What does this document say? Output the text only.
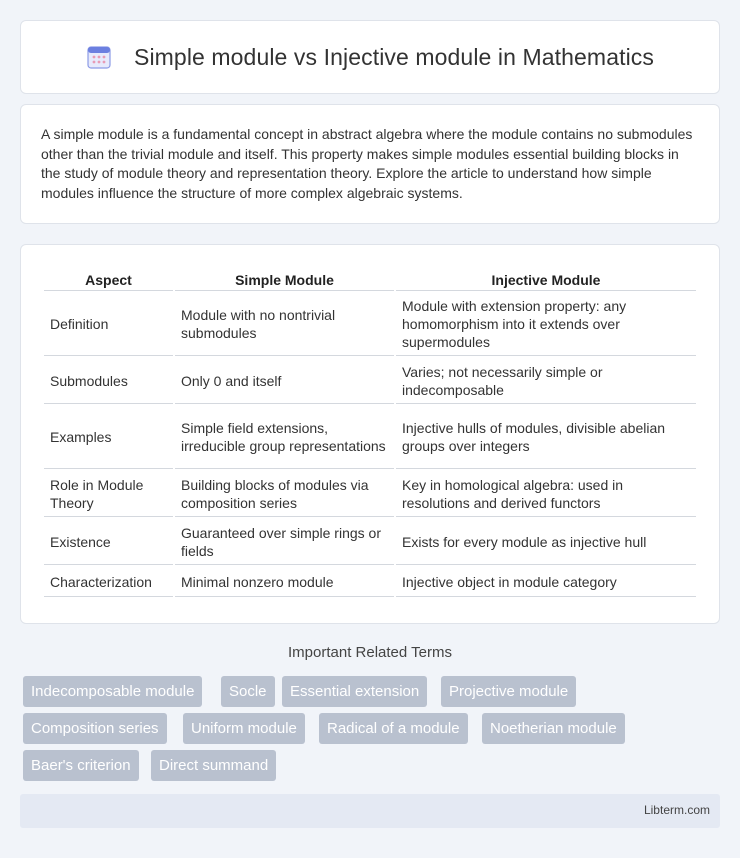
Simple module vs Injective module in Mathematics

A simple module is a fundamental concept in abstract algebra where the module contains no submodules other than the trivial module and itself. This property makes simple modules essential building blocks in the study of module theory and representation theory. Explore the article to understand how simple modules influence the structure of more complex algebraic systems.

Aspect	Simple Module	Injective Module
Definition	Module with no nontrivial submodules	Module with extension property: any homomorphism into it extends over supermodules
Submodules	Only 0 and itself	Varies; not necessarily simple or indecomposable
Examples	Simple field extensions, irreducible group representations	Injective hulls of modules, divisible abelian groups over integers
Role in Module Theory	Building blocks of modules via composition series	Key in homological algebra: used in resolutions and derived functors
Existence	Guaranteed over simple rings or fields	Exists for every module as injective hull
Characterization	Minimal nonzero module	Injective object in module category
Important Related Terms
Indecomposable module	Socle	Essential extension	Projective module
Composition series	Uniform module	Radical of a module	Noetherian module
Baer's criterion	Direct summand
Libterm.com
